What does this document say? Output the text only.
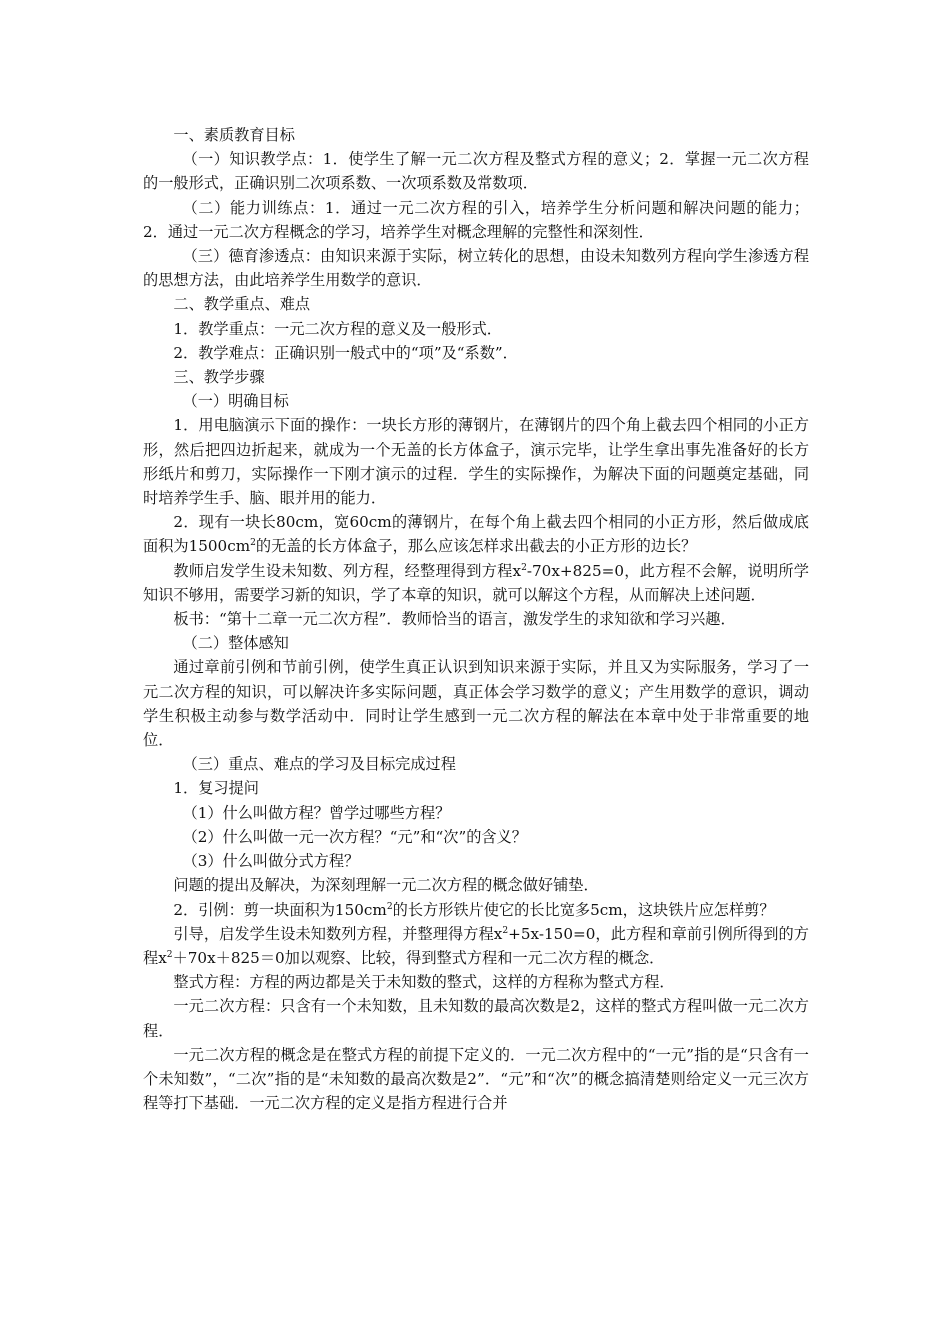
一、素质教育目标

（一）知识教学点：1．使学生了解一元二次方程及整式方程的意义；2．掌握一元二次方程的一般形式，正确识别二次项系数、一次项系数及常数项．

（二）能力训练点：1．通过一元二次方程的引入，培养学生分析问题和解决问题的能力；2．通过一元二次方程概念的学习，培养学生对概念理解的完整性和深刻性．

（三）德育渗透点：由知识来源于实际，树立转化的思想，由设未知数列方程向学生渗透方程的思想方法，由此培养学生用数学的意识．

二、教学重点、难点

1．教学重点：一元二次方程的意义及一般形式．

2．教学难点：正确识别一般式中的“项”及“系数”．

三、教学步骤

（一）明确目标

1．用电脑演示下面的操作：一块长方形的薄钢片，在薄钢片的四个角上截去四个相同的小正方形，然后把四边折起来，就成为一个无盖的长方体盒子，演示完毕，让学生拿出事先准备好的长方形纸片和剪刀，实际操作一下刚才演示的过程．学生的实际操作，为解决下面的问题奠定基础，同时培养学生手、脑、眼并用的能力．

2．现有一块长80cm，宽60cm的薄钢片，在每个角上截去四个相同的小正方形，然后做成底面积为$1500cm^2$的无盖的长方体盒子，那么应该怎样求出截去的小正方形的边长？

教师启发学生设未知数、列方程，经整理得到方程$x^2-70x+825=0$，此方程不会解，说明所学知识不够用，需要学习新的知识，学了本章的知识，就可以解这个方程，从而解决上述问题．

板书：“第十二章一元二次方程”．教师恰当的语言，激发学生的求知欲和学习兴趣．

（二）整体感知

通过章前引例和节前引例，使学生真正认识到知识来源于实际，并且又为实际服务，学习了一元二次方程的知识，可以解决许多实际问题，真正体会学习数学的意义；产生用数学的意识，调动学生积极主动参与数学活动中．同时让学生感到一元二次方程的解法在本章中处于非常重要的地位．

（三）重点、难点的学习及目标完成过程

1．复习提问

（1）什么叫做方程？曾学过哪些方程？

（2）什么叫做一元一次方程？“元”和“次”的含义？

（3）什么叫做分式方程？

问题的提出及解决，为深刻理解一元二次方程的概念做好铺垫．

2．引例：剪一块面积为$150cm^2$的长方形铁片使它的长比宽多5cm，这块铁片应怎样剪？

引导，启发学生设未知数列方程，并整理得方程$x^2+5x-150=0$，此方程和章前引例所得到的方程$x^2+70x+825=0$加以观察、比较，得到整式方程和一元二次方程的概念．

整式方程：方程的两边都是关于未知数的整式，这样的方程称为整式方程．

一元二次方程：只含有一个未知数，且未知数的最高次数是2，这样的整式方程叫做一元二次方程．

一元二次方程的概念是在整式方程的前提下定义的．一元二次方程中的“一元”指的是“只含有一个未知数”，“二次”指的是“未知数的最高次数是2”．“元”和“次”的概念搞清楚则给定义一元三次方程等打下基础．一元二次方程的定义是指方程进行合并
